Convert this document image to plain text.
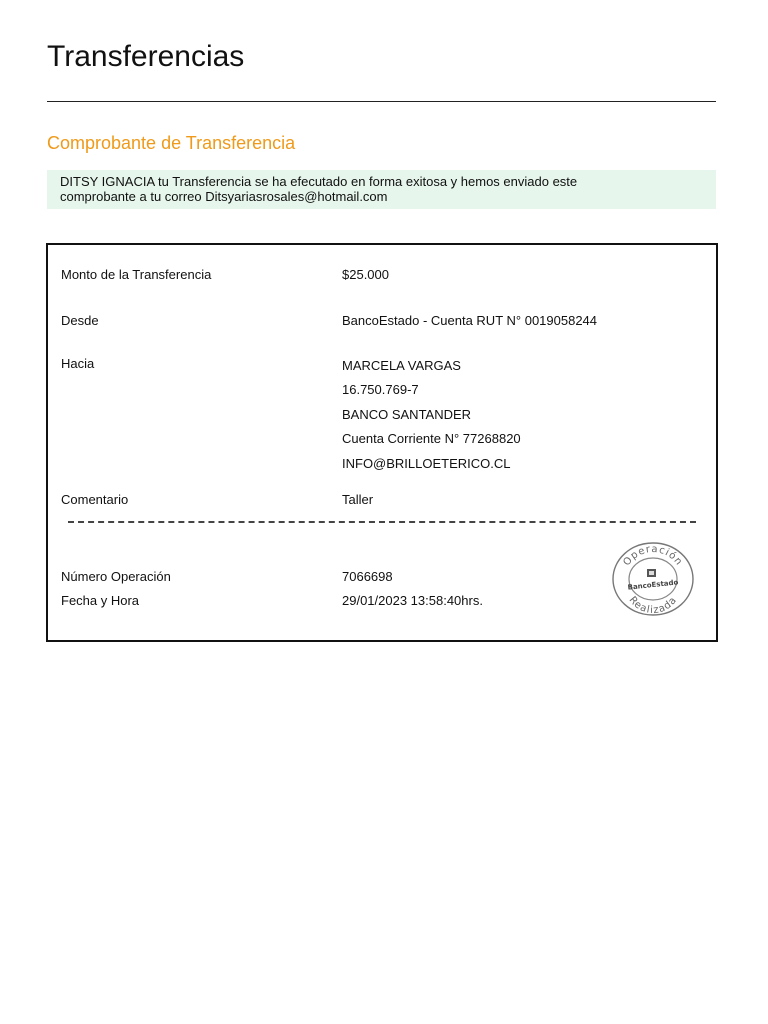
Transferencias
Comprobante de Transferencia
DITSY IGNACIA tu Transferencia se ha efecutado en forma exitosa y hemos enviado este
comprobante a tu correo Ditsyariasrosales@hotmail.com
Monto de la Transferencia	$25.000
Desde	BancoEstado - Cuenta RUT N° 0019058244
Hacia	MARCELA VARGAS
16.750.769-7
BANCO SANTANDER
Cuenta Corriente N° 77268820
INFO@BRILLOETERICO.CL
Comentario	Taller
Número Operación	7066698
Fecha y Hora	29/01/2023 13:58:40hrs.
Operación
Realizada
BancoEstado
